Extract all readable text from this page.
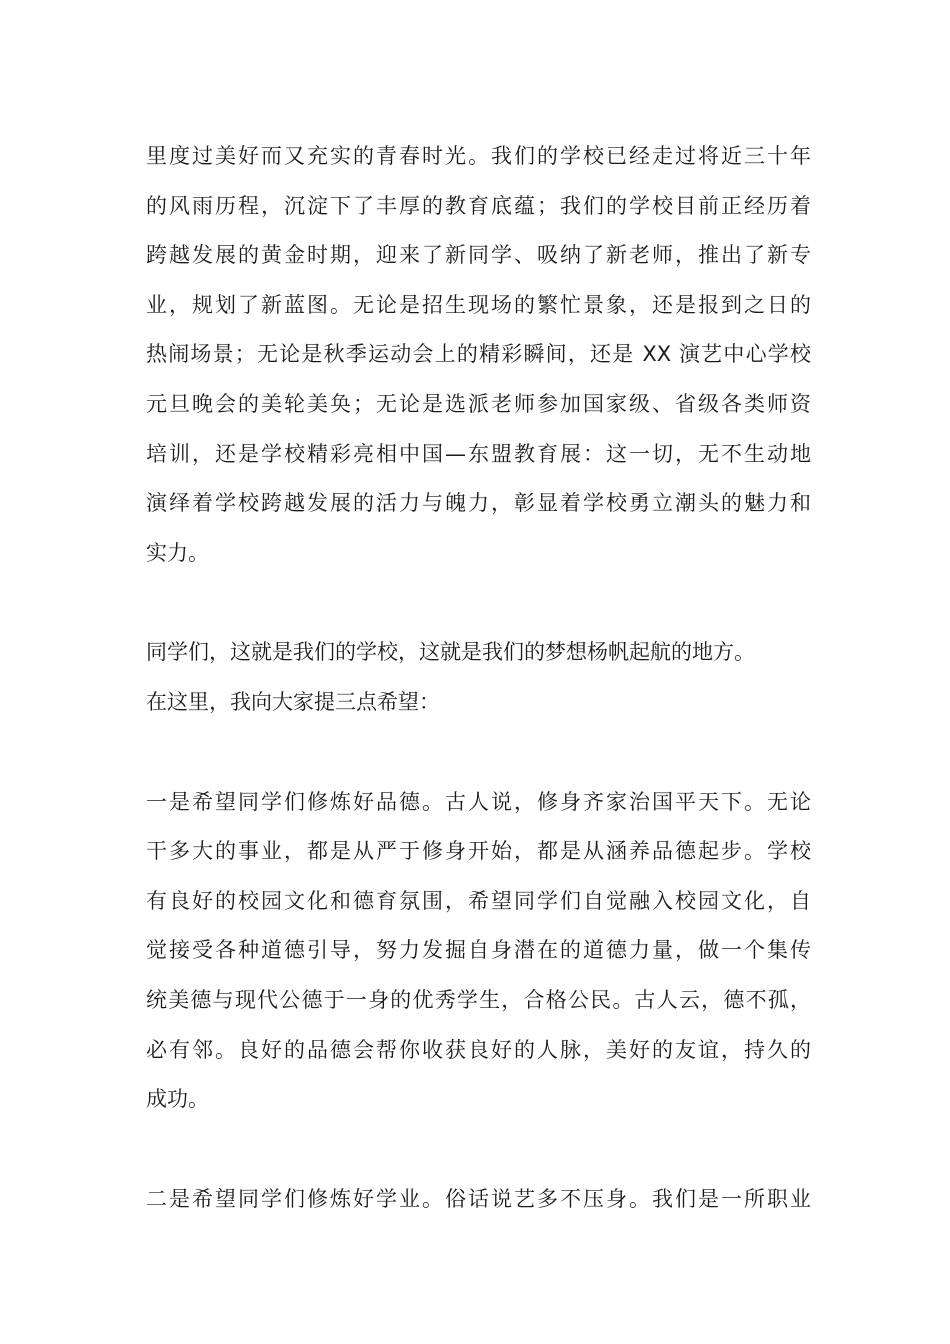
里度过美好而又充实的青春时光。我们的学校已经走过将近三十年
的风雨历程，沉淀下了丰厚的教育底蕴；我们的学校目前正经历着
跨越发展的黄金时期，迎来了新同学、吸纳了新老师，推出了新专
业，规划了新蓝图。无论是招生现场的繁忙景象，还是报到之日的
热闹场景；无论是秋季运动会上的精彩瞬间，还是 XX 演艺中心学校
元旦晚会的美轮美奂；无论是选派老师参加国家级、省级各类师资
培训，还是学校精彩亮相中国—东盟教育展：这一切，无不生动地
演绎着学校跨越发展的活力与魄力，彰显着学校勇立潮头的魅力和
实力。
同学们，这就是我们的学校，这就是我们的梦想杨帆起航的地方。
在这里，我向大家提三点希望：
一是希望同学们修炼好品德。古人说，修身齐家治国平天下。无论
干多大的事业，都是从严于修身开始，都是从涵养品德起步。学校
有良好的校园文化和德育氛围，希望同学们自觉融入校园文化，自
觉接受各种道德引导，努力发掘自身潜在的道德力量，做一个集传
统美德与现代公德于一身的优秀学生，合格公民。古人云，德不孤，
必有邻。良好的品德会帮你收获良好的人脉，美好的友谊，持久的
成功。
二是希望同学们修炼好学业。俗话说艺多不压身。我们是一所职业
